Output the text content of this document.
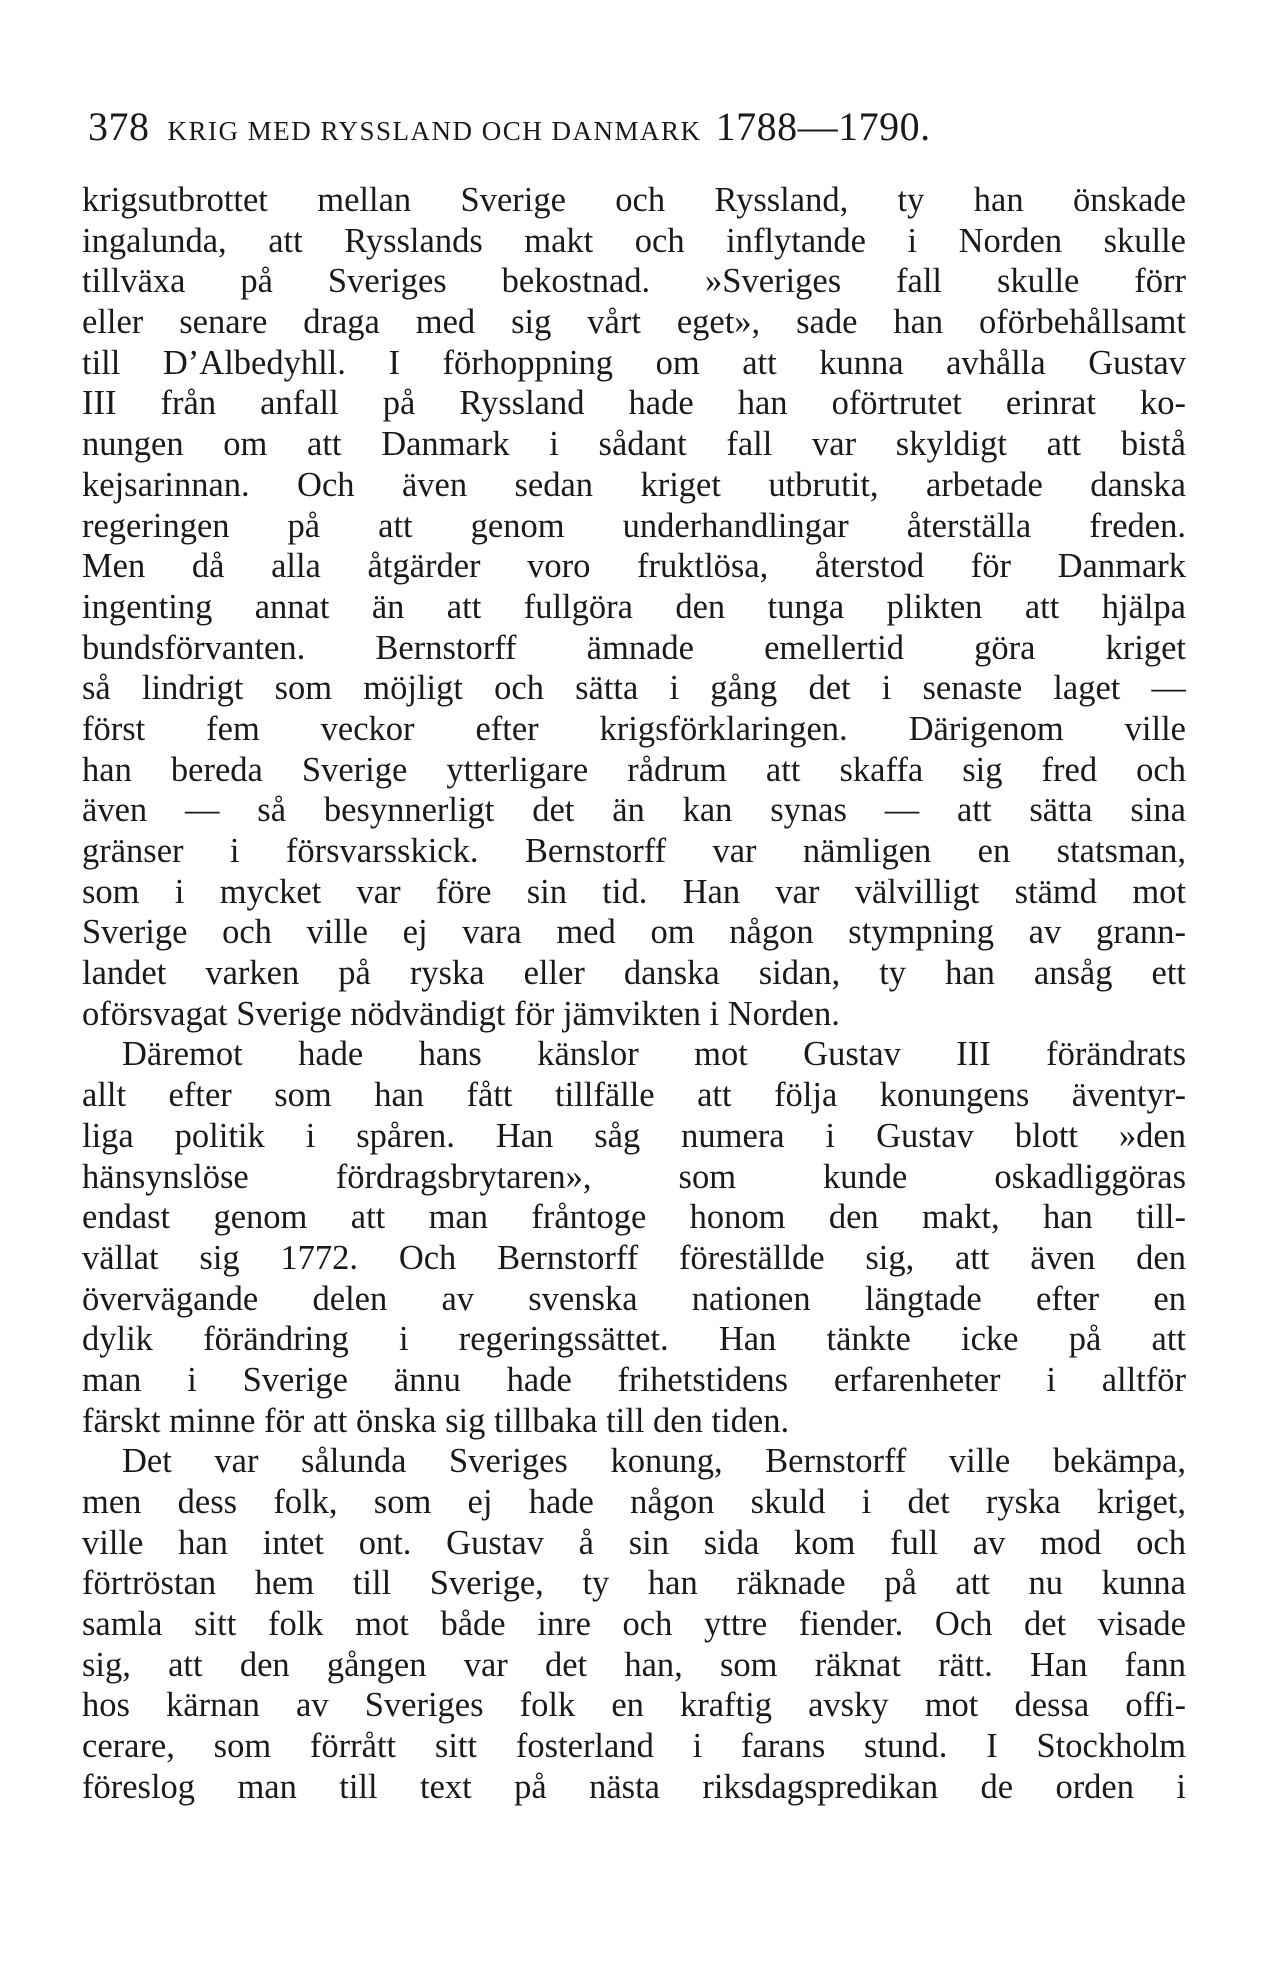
378 KRIG MED RYSSLAND OCH DANMARK 1788—1790.

krigsutbrottet mellan Sverige och Ryssland, ty han önskade
ingalunda, att Rysslands makt och inflytande i Norden skulle
tillväxa på Sveriges bekostnad. »Sveriges fall skulle förr
eller senare draga med sig vårt eget», sade han oförbehållsamt
till D’Albedyhll. I förhoppning om att kunna avhålla Gustav
III från anfall på Ryssland hade han oförtrutet erinrat ko-
nungen om att Danmark i sådant fall var skyldigt att bistå
kejsarinnan. Och även sedan kriget utbrutit, arbetade danska
regeringen på att genom underhandlingar återställa freden.
Men då alla åtgärder voro fruktlösa, återstod för Danmark
ingenting annat än att fullgöra den tunga plikten att hjälpa
bundsförvanten. Bernstorff ämnade emellertid göra kriget
så lindrigt som möjligt och sätta i gång det i senaste laget —
först fem veckor efter krigsförklaringen. Därigenom ville
han bereda Sverige ytterligare rådrum att skaffa sig fred och
även — så besynnerligt det än kan synas — att sätta sina
gränser i försvarsskick. Bernstorff var nämligen en statsman,
som i mycket var före sin tid. Han var välvilligt stämd mot
Sverige och ville ej vara med om någon stympning av grann-
landet varken på ryska eller danska sidan, ty han ansåg ett
oförsvagat Sverige nödvändigt för jämvikten i Norden.

Däremot hade hans känslor mot Gustav III förändrats
allt efter som han fått tillfälle att följa konungens äventyr-
liga politik i spåren. Han såg numera i Gustav blott »den
hänsynslöse fördragsbrytaren», som kunde oskadliggöras
endast genom att man fråntoge honom den makt, han till-
vällat sig 1772. Och Bernstorff föreställde sig, att även den
övervägande delen av svenska nationen längtade efter en
dylik förändring i regeringssättet. Han tänkte icke på att
man i Sverige ännu hade frihetstidens erfarenheter i alltför
färskt minne för att önska sig tillbaka till den tiden.

Det var sålunda Sveriges konung, Bernstorff ville bekämpa,
men dess folk, som ej hade någon skuld i det ryska kriget,
ville han intet ont. Gustav å sin sida kom full av mod och
förtröstan hem till Sverige, ty han räknade på att nu kunna
samla sitt folk mot både inre och yttre fiender. Och det visade
sig, att den gången var det han, som räknat rätt. Han fann
hos kärnan av Sveriges folk en kraftig avsky mot dessa offi-
cerare, som förrått sitt fosterland i farans stund. I Stockholm
föreslog man till text på nästa riksdagspredikan de orden i
